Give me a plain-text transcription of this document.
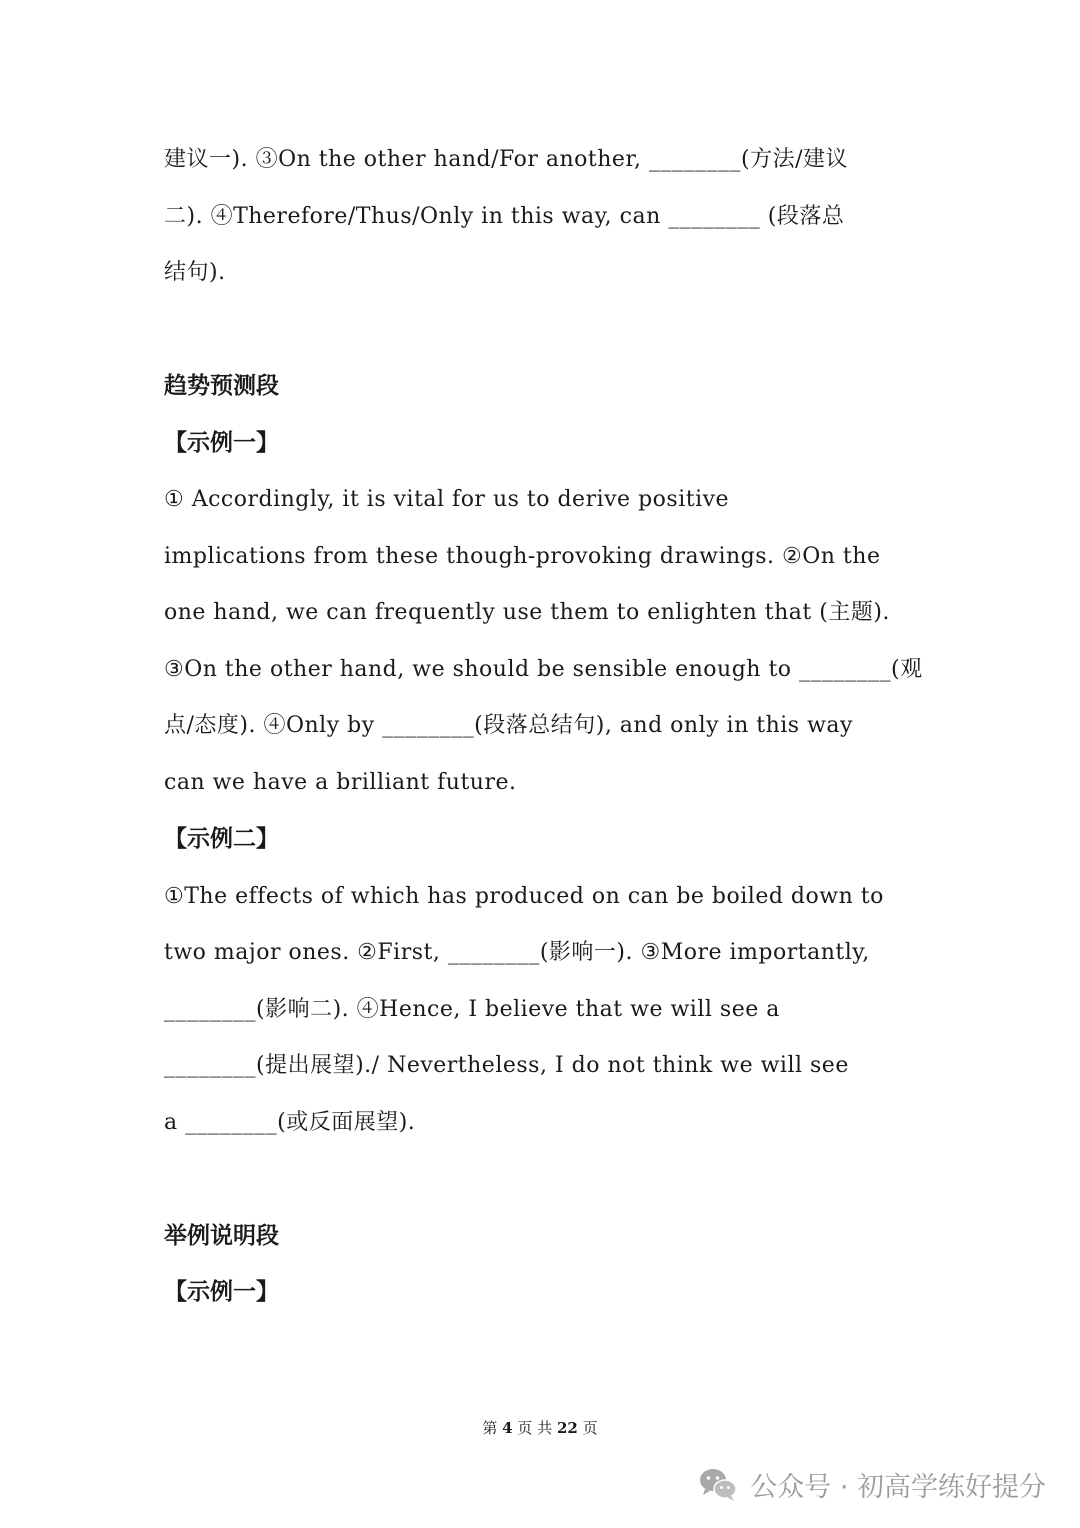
建议一). ③On the other hand/For another, ________(方法/建议
二). ④Therefore/Thus/Only in this way, can ________ (段落总
结句).
趋势预测段
【示例一】
① Accordingly, it is vital for us to derive positive
implications from these though-provoking drawings. ②On the
one hand, we can frequently use them to enlighten that (主题).
③On the other hand, we should be sensible enough to ________(观
点/态度). ④Only by ________(段落总结句), and only in this way
can we have a brilliant future.
【示例二】
①The effects of which has produced on can be boiled down to
two major ones. ②First, ________(影响一). ③More importantly,
________(影响二). ④Hence, I believe that we will see a
________(提出展望)./ Nevertheless, I do not think we will see
a ________(或反面展望).
举例说明段
【示例一】
第 4 页 共 22 页
公众号 · 初高学练好提分
